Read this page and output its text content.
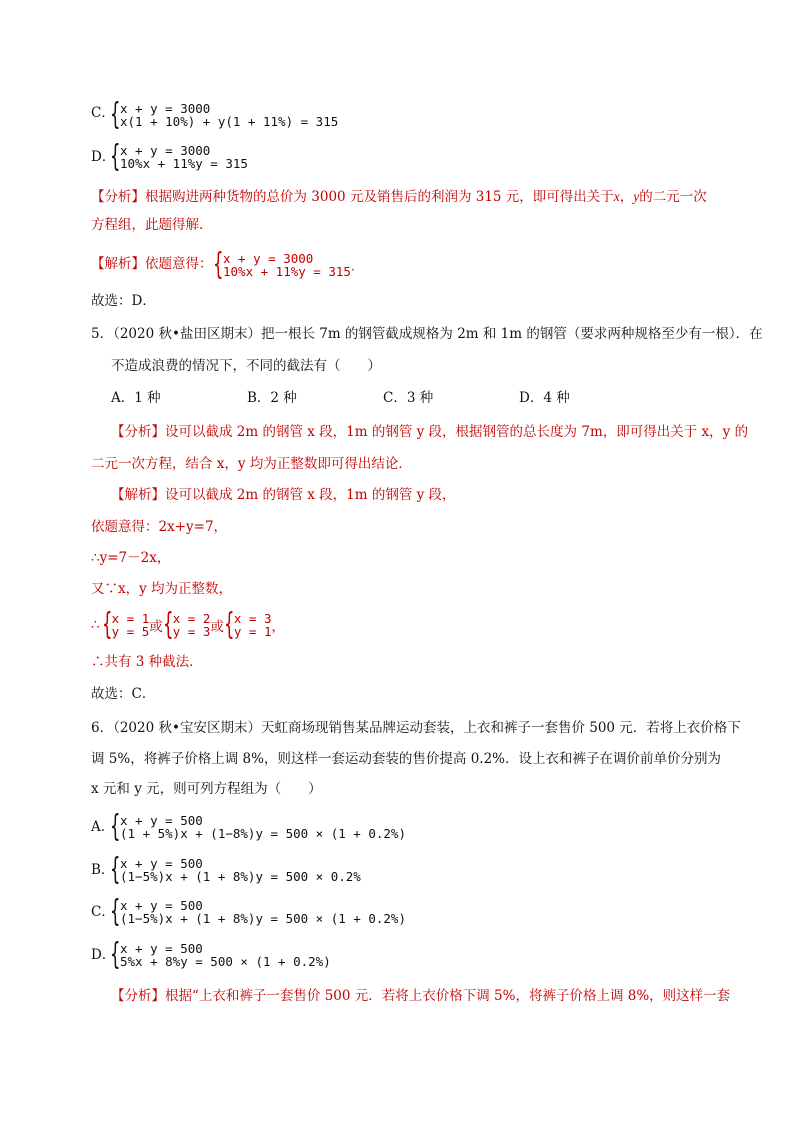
C．
{ x + y = 3000
x(1 + 10%) + y(1 + 11%) = 315
D．
{ x + y = 3000
10%x + 11%y = 315
【分析】根据购进两种货物的总价为 3000 元及销售后的利润为 315 元，即可得出关于x，y的二元一次
方程组，此题得解．
【解析】依题意得： { x + y = 3000
10%x + 11%y = 315 ．
故选：D．
5．（2020 秋•盐田区期末）把一根长 7m 的钢管截成规格为 2m 和 1m 的钢管（要求两种规格至少有一根）．在
不造成浪费的情况下，不同的截法有（　　）
A．1 种	B．2 种	C．3 种	D．4 种
【分析】设可以截成 2m 的钢管 x 段，1m 的钢管 y 段，根据钢管的总长度为 7m，即可得出关于 x，y 的
二元一次方程，结合 x，y 均为正整数即可得出结论．
【解析】设可以截成 2m 的钢管 x 段，1m 的钢管 y 段，
依题意得：2x+y=7，
∴y=7－2x，
又∵x，y 均为正整数，
∴ { x = 1
y = 5 或 { x = 2
y = 3 或 { x = 3
y = 1 ，
∴共有 3 种截法．
故选：C．
6．（2020 秋•宝安区期末）天虹商场现销售某品牌运动套装，上衣和裤子一套售价 500 元．若将上衣价格下
调 5%，将裤子价格上调 8%，则这样一套运动套装的售价提高 0.2%．设上衣和裤子在调价前单价分别为
x 元和 y 元，则可列方程组为（　　）
A．
{ x + y = 500
(1 + 5%)x + (1−8%)y = 500 × (1 + 0.2%)
B．
{ x + y = 500
(1−5%)x + (1 + 8%)y = 500 × 0.2%
C．
{ x + y = 500
(1−5%)x + (1 + 8%)y = 500 × (1 + 0.2%)
D．
{ x + y = 500
5%x + 8%y = 500 × (1 + 0.2%)
【分析】根据“上衣和裤子一套售价 500 元．若将上衣价格下调 5%，将裤子价格上调 8%，则这样一套
